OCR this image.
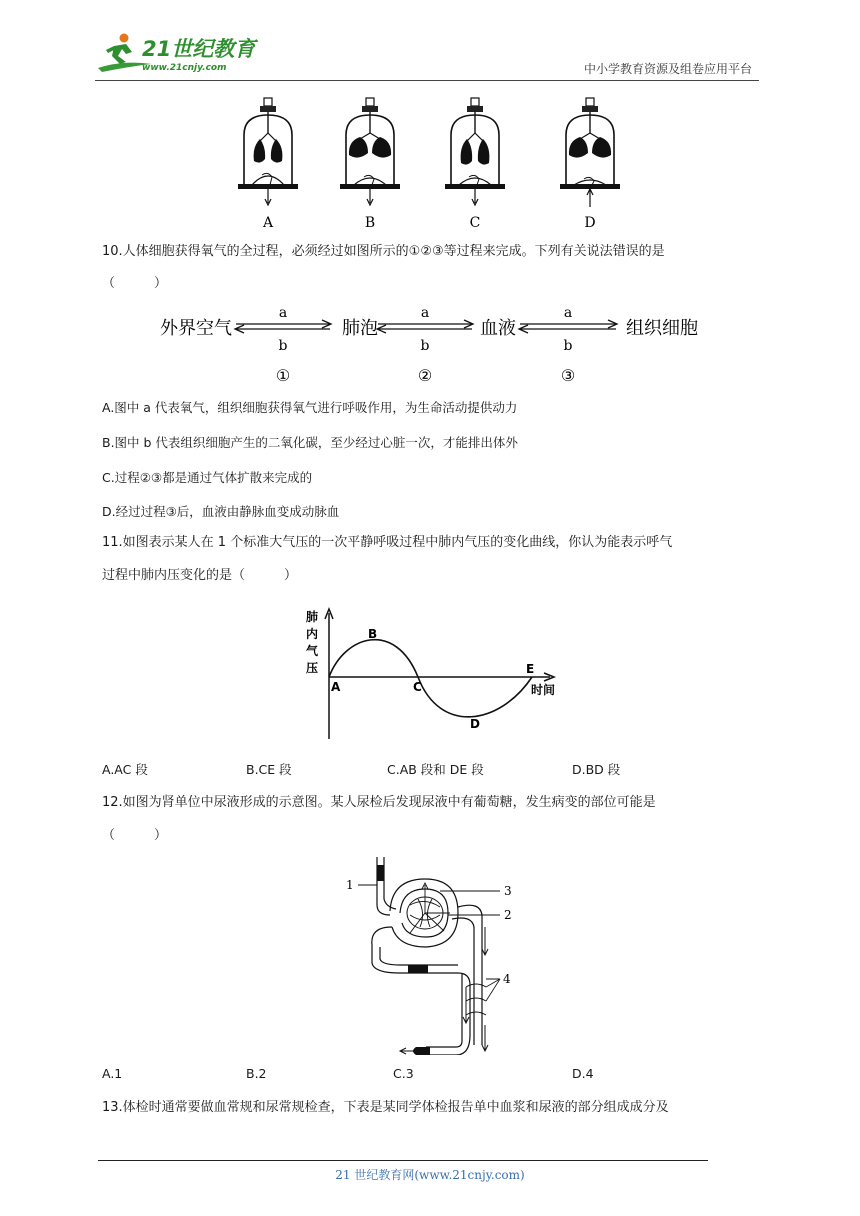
21世纪教育
www.21cnjy.com	中小学教育资源及组卷应用平台
A	B	C	D
10.人体细胞获得氧气的全过程，必须经过如图所示的①②③等过程来完成。下列有关说法错误的是
（　　　）
外界空气	肺泡	血液	组织细胞
a
b
①
a
b
②
a
b
③
A.图中 a 代表氧气，组织细胞获得氧气进行呼吸作用，为生命活动提供动力
B.图中 b 代表组织细胞产生的二氧化碳，至少经过心脏一次，才能排出体外
C.过程②③都是通过气体扩散来完成的
D.经过过程③后，血液由静脉血变成动脉血
11.如图表示某人在 1 个标准大气压的一次平静呼吸过程中肺内气压的变化曲线，你认为能表示呼气
过程中肺内压变化的是（　　　）
肺
内
气
压
A
B
C
D
E
时间
A.AC 段	B.CE 段	C.AB 段和 DE 段	D.BD 段
12.如图为肾单位中尿液形成的示意图。某人尿检后发现尿液中有葡萄糖，发生病变的部位可能是
（　　　）
1	3
2
4
A.1	B.2	C.3	D.4
13.体检时通常要做血常规和尿常规检查，下表是某同学体检报告单中血浆和尿液的部分组成成分及
21 世纪教育网(www.21cnjy.com)
